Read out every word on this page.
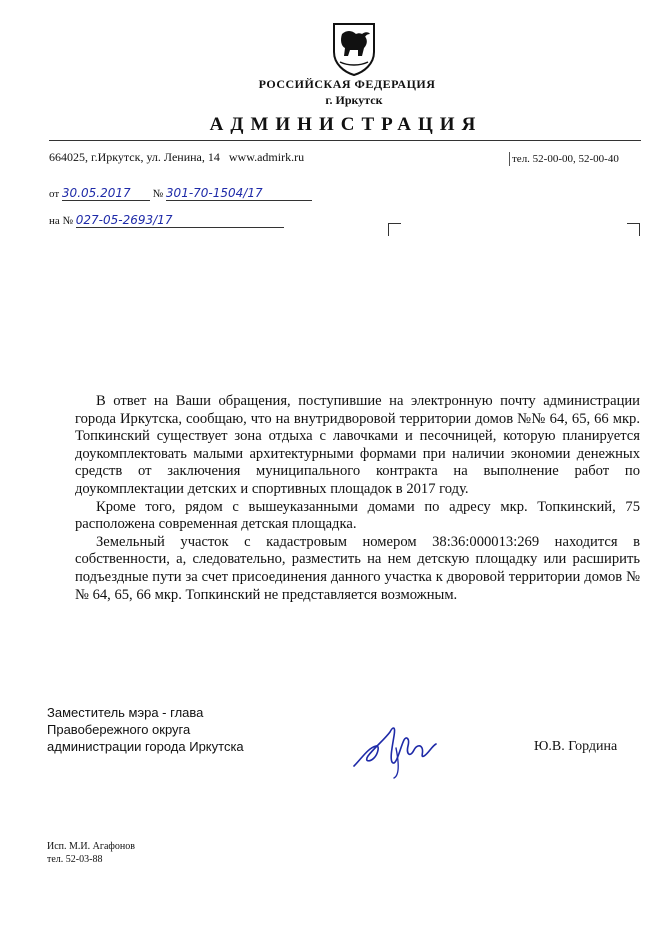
РОССИЙСКАЯ ФЕДЕРАЦИЯ
г. Иркутск
АДМИНИСТРАЦИЯ
664025, г.Иркутск, ул. Ленина, 14 www.admirk.ru	тел. 52-00-00, 52-00-40
от 30.05.2017 № 301-70-1504/17
на № 027-05-2693/17

В ответ на Ваши обращения, поступившие на электронную почту администрации города Иркутска, сообщаю, что на внутридворовой территории домов №№ 64, 65, 66 мкр. Топкинский существует зона отдыха с лавочками и песочницей, которую планируется доукомплектовать малыми архитектурными формами при наличии экономии денежных средств от заключения муниципального контракта на выполнение работ по доукомплектации детских и спортивных площадок в 2017 году.

Кроме того, рядом с вышеуказанными домами по адресу мкр. Топкинский, 75 расположена современная детская площадка.

Земельный участок с кадастровым номером 38:36:000013:269 находится в собственности, а, следовательно, разместить на нем детскую площадку или расширить подъездные пути за счет присоединения данного участка к дворовой территории домов №№ 64, 65, 66 мкр. Топкинский не представляется возможным.

Заместитель мэра - глава
Правобережного округа
администрации города Иркутска	Ю.В. Гордина
Исп. М.И. Агафонов
тел. 52-03-88
